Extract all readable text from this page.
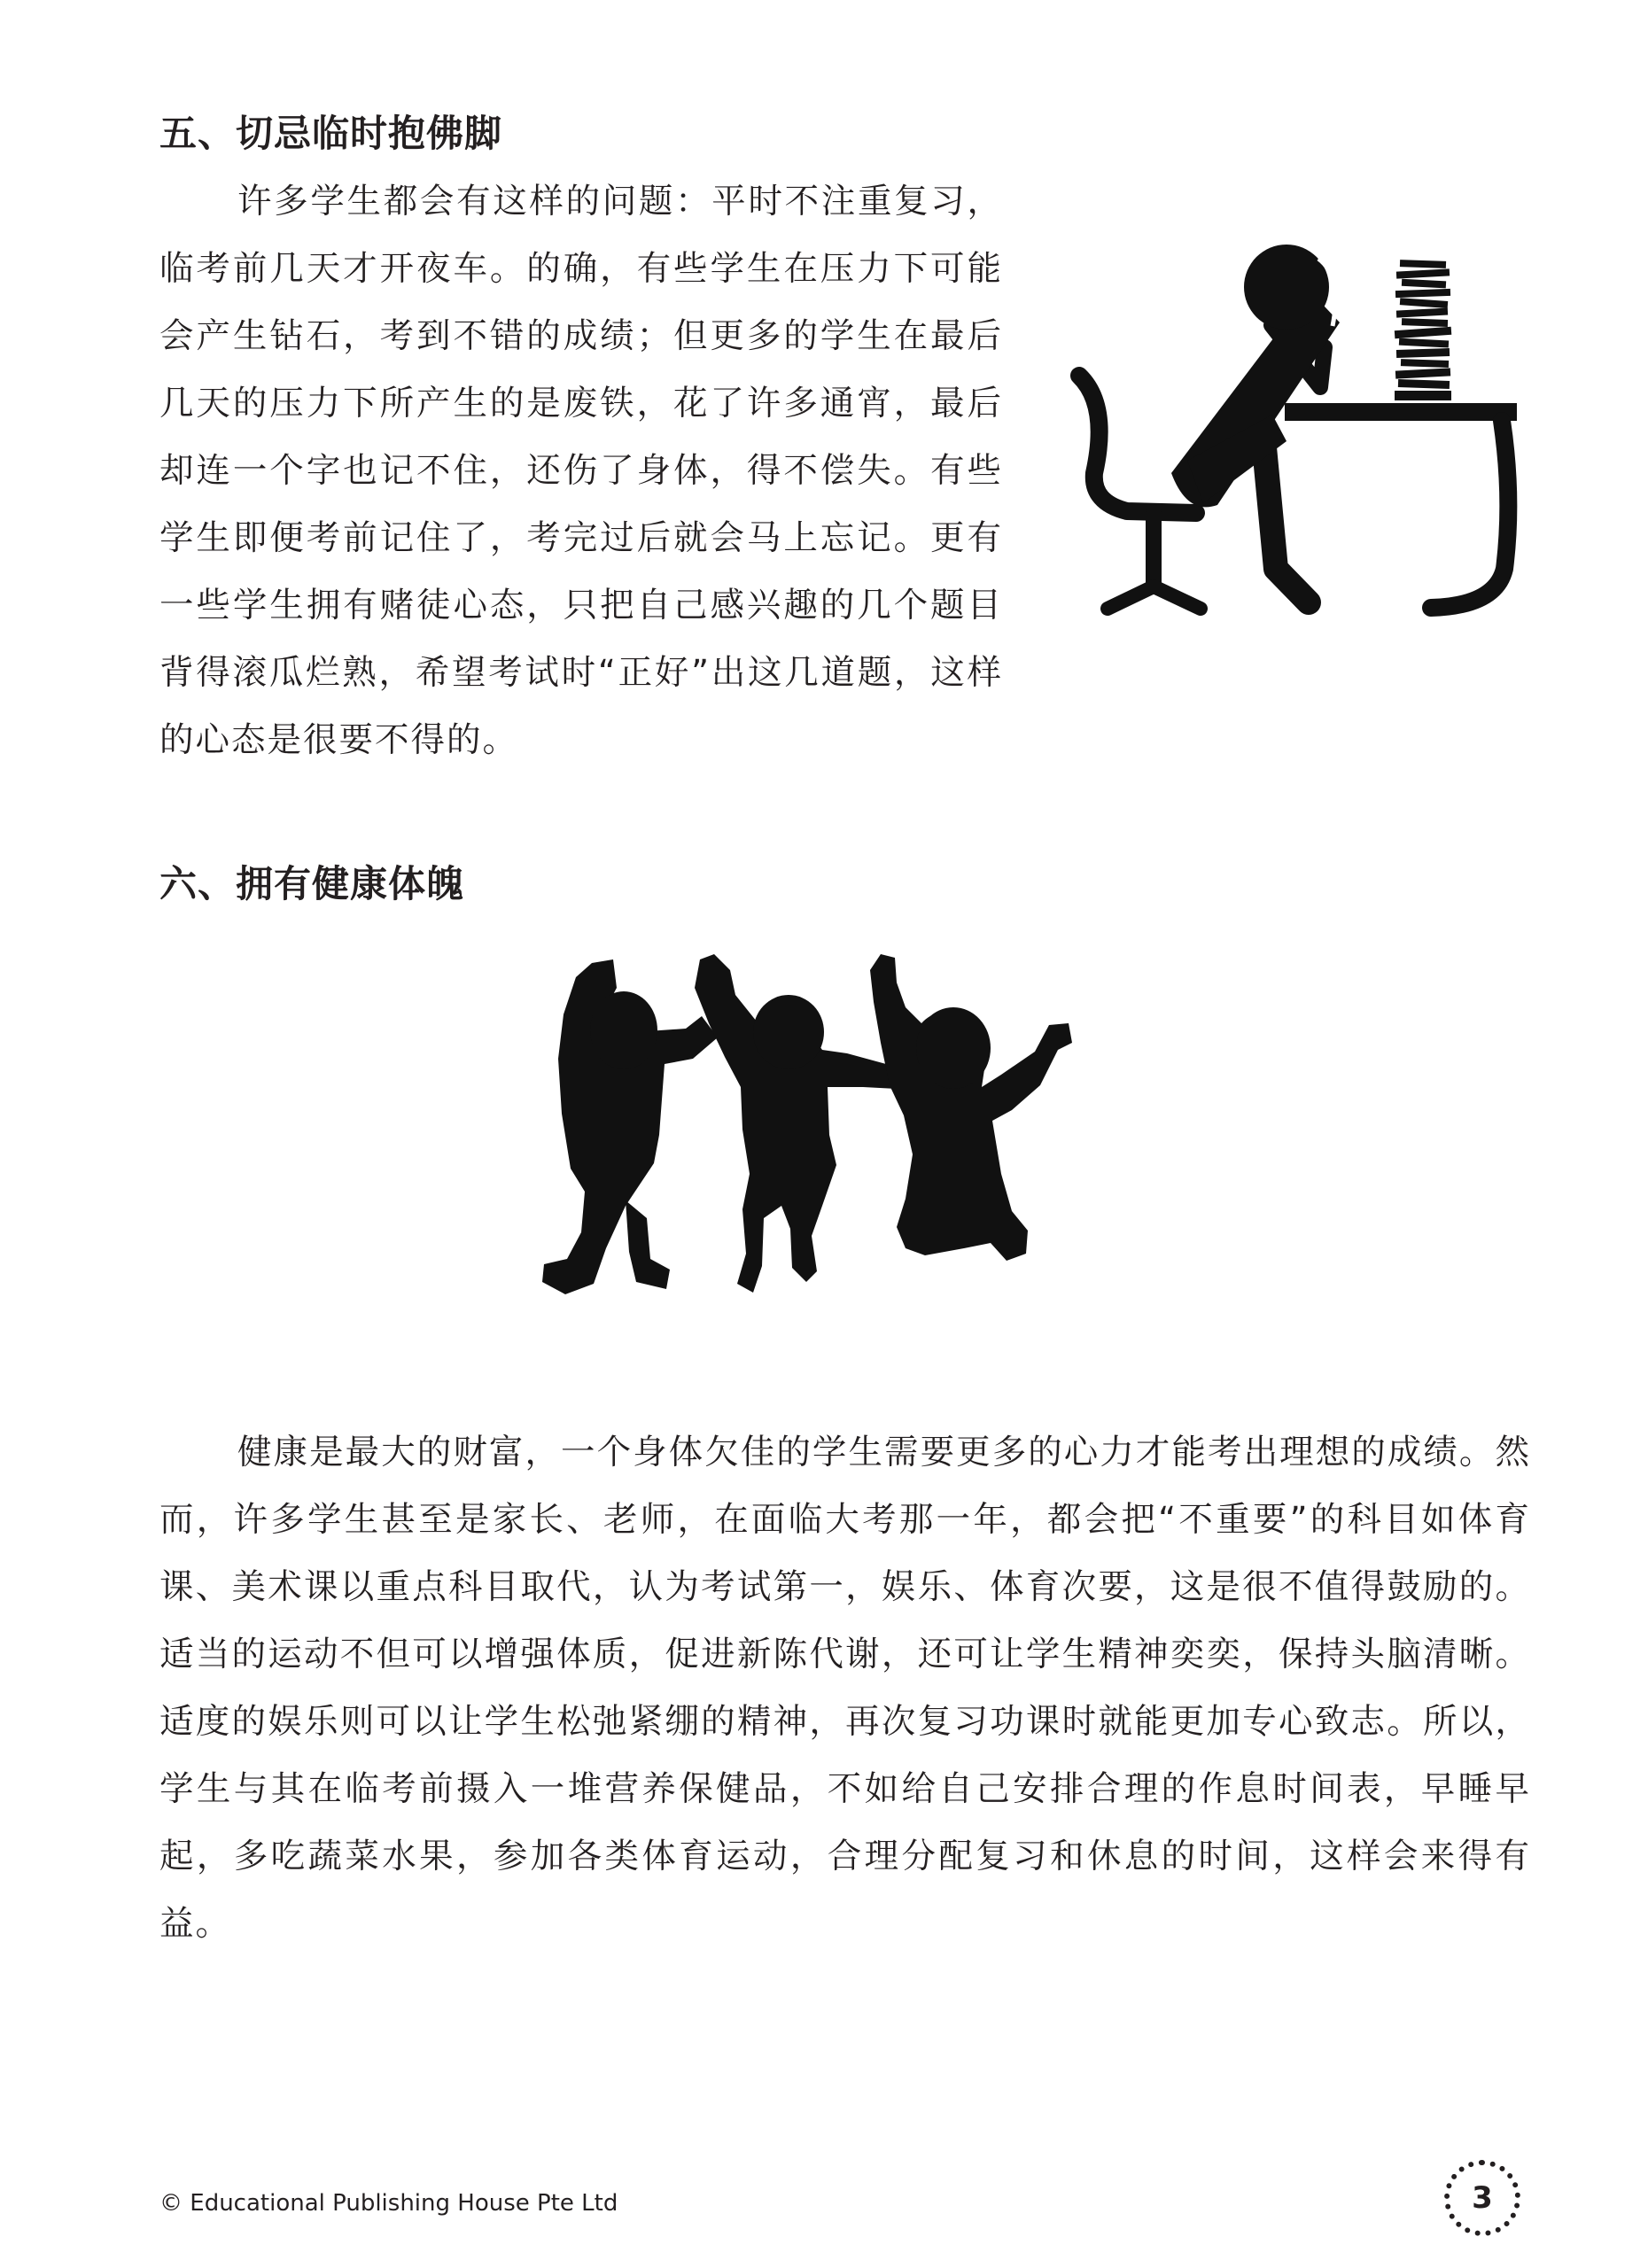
五、切忌临时抱佛脚

许多学生都会有这样的问题：平时不注重复习，临考前几天才开夜车。的确，有些学生在压力下可能会产生钻石，考到不错的成绩；但更多的学生在最后几天的压力下所产生的是废铁，花了许多通宵，最后却连一个字也记不住，还伤了身体，得不偿失。有些学生即便考前记住了，考完过后就会马上忘记。更有一些学生拥有赌徒心态，只把自己感兴趣的几个题目背得滚瓜烂熟，希望考试时“正好”出这几道题，这样的心态是很要不得的。

六、拥有健康体魄

健康是最大的财富，一个身体欠佳的学生需要更多的心力才能考出理想的成绩。然而，许多学生甚至是家长、老师，在面临大考那一年，都会把“不重要”的科目如体育课、美术课以重点科目取代，认为考试第一，娱乐、体育次要，这是很不值得鼓励的。适当的运动不但可以增强体质，促进新陈代谢，还可让学生精神奕奕，保持头脑清晰。适度的娱乐则可以让学生松弛紧绷的精神，再次复习功课时就能更加专心致志。所以，学生与其在临考前摄入一堆营养保健品，不如给自己安排合理的作息时间表，早睡早起，多吃蔬菜水果，参加各类体育运动，合理分配复习和休息的时间，这样会来得有益。

© Educational Publishing House Pte Ltd	3
